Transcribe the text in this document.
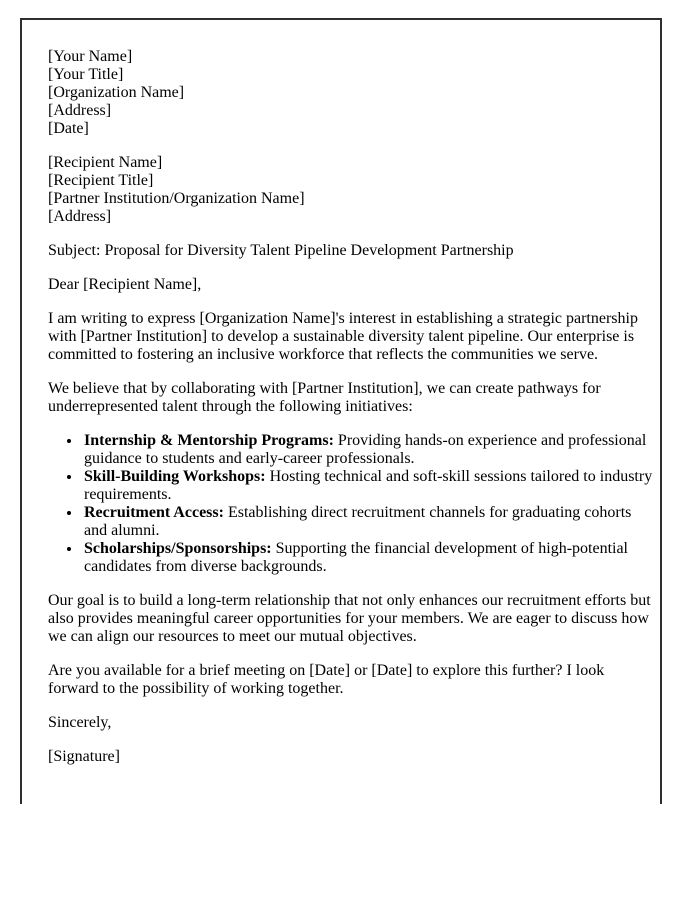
[Your Name]
[Your Title]
[Organization Name]
[Address]
[Date]
[Recipient Name]
[Recipient Title]
[Partner Institution/Organization Name]
[Address]

Subject: Proposal for Diversity Talent Pipeline Development Partnership

Dear [Recipient Name],

I am writing to express [Organization Name]'s interest in establishing a strategic partnership with [Partner Institution] to develop a sustainable diversity talent pipeline. Our enterprise is committed to fostering an inclusive workforce that reflects the communities we serve.

We believe that by collaborating with [Partner Institution], we can create pathways for underrepresented talent through the following initiatives:

• Internship & Mentorship Programs: Providing hands-on experience and professional guidance to students and early-career professionals.
• Skill-Building Workshops: Hosting technical and soft-skill sessions tailored to industry requirements.
• Recruitment Access: Establishing direct recruitment channels for graduating cohorts and alumni.
• Scholarships/Sponsorships: Supporting the financial development of high-potential candidates from diverse backgrounds.

Our goal is to build a long-term relationship that not only enhances our recruitment efforts but also provides meaningful career opportunities for your members. We are eager to discuss how we can align our resources to meet our mutual objectives.

Are you available for a brief meeting on [Date] or [Date] to explore this further? I look forward to the possibility of working together.

Sincerely,

[Signature]
